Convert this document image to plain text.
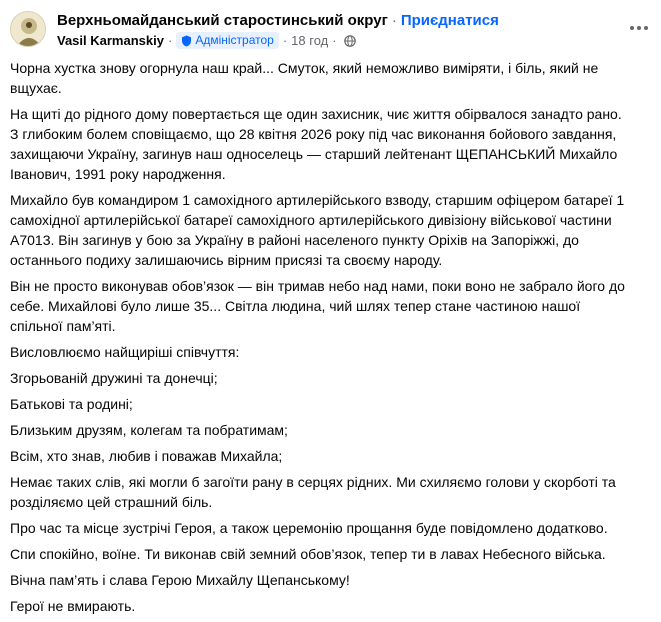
Верхньомайданський старостинський округ · Приєднатися
Vasil Karmanskiy · Адміністратор · 18 год ·

Чорна хустка знову огорнула наш край... Смуток, який неможливо виміряти, і біль, який не вщухає.

На щиті до рідного дому повертається ще один захисник, чиє життя обірвалося занадто рано. З глибоким болем сповіщаємо, що 28 квітня 2026 року під час виконання бойового завдання, захищаючи Україну, загинув наш односелець — старший лейтенант ЩЕПАНСЬКИЙ Михайло Іванович, 1991 року народження.

Михайло був командиром 1 самохідного артилерійського взводу, старшим офіцером батареї 1 самохідної артилерійської батареї самохідного артилерійського дивізіону військової частини А7013. Він загинув у бою за Україну в районі населеного пункту Оріхів на Запоріжжі, до останнього подиху залишаючись вірним присязі та своєму народу.

Він не просто виконував обов’язок — він тримав небо над нами, поки воно не забрало його до себе. Михайлові було лише 35... Світла людина, чий шлях тепер стане частиною нашої спільної пам’яті.

Висловлюємо найщиріші співчуття:

Згорьованій дружині та донечці;

Батькові та родині;

Близьким друзям, колегам та побратимам;

Всім, хто знав, любив і поважав Михайла;

Немає таких слів, які могли б загоїти рану в серцях рідних. Ми схиляємо голови у скорботі та розділяємо цей страшний біль.

Про час та місце зустрічі Героя, а також церемонію прощання буде повідомлено додатково.

Спи спокійно, воїне. Ти виконав свій земний обов’язок, тепер ти в лавах Небесного війська.

Вічна пам’ять і слава Герою Михайлу Щепанському!

Герої не вмирають.
